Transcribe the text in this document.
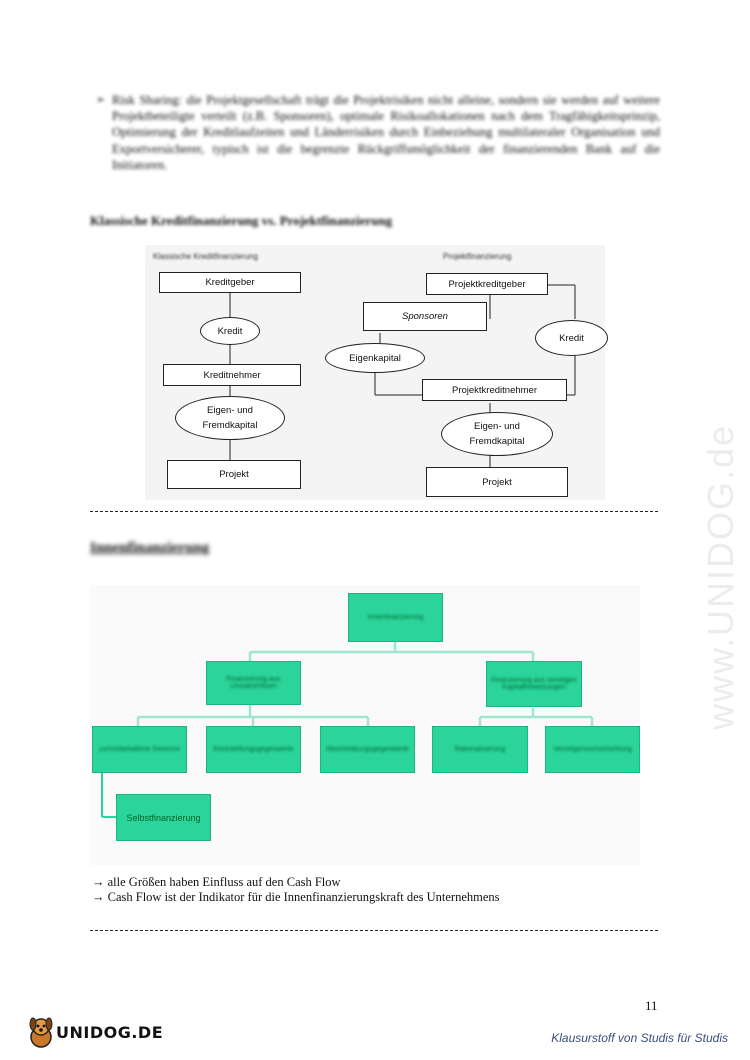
www.UNIDOG.de
➢ Risk Sharing: die Projektgesellschaft trägt die Projektrisiken nicht alleine, sondern sie werden auf weitere Projektbeteiligte verteilt (z.B. Sponsoren), optimale Risikoallokationen nach dem Tragfähigkeitsprinzip, Optimierung der Kreditlaufzeiten und Länderrisiken durch Einbeziehung multilateraler Organisation und Exportversicherer, typisch ist die begrenzte Rückgriffsmöglichkeit der finanzierenden Bank auf die Initiatoren.
Klassische Kreditfinanzierung vs. Projektfinanzierung
Klassische Kreditfinanzierung	Projektfinanzierung
Kreditgeber
Kredit
Kreditnehmer
Eigen- und
Fremdkapital
Projekt
Projektkreditgeber
Sponsoren
Kredit
Eigenkapital
Projektkreditnehmer
Eigen- und
Fremdkapital
Projekt
Innenfinanzierung
Innenfinanzierung
Finanzierung aus Umsatzerlösen
Finanzierung aus sonstigen Kapitalfreisetzungen
zurückbehaltene Gewinne	Rückstellungsgegenwerte	Abschreibungsgegenwerte	Rationalisierung	Vermögensumschichtung
Selbstfinanzierung
→ alle Größen haben Einfluss auf den Cash Flow
→ Cash Flow ist der Indikator für die Innenfinanzierungskraft des Unternehmens
11
UNIDOG.DE	Klausurstoff von Studis für Studis
